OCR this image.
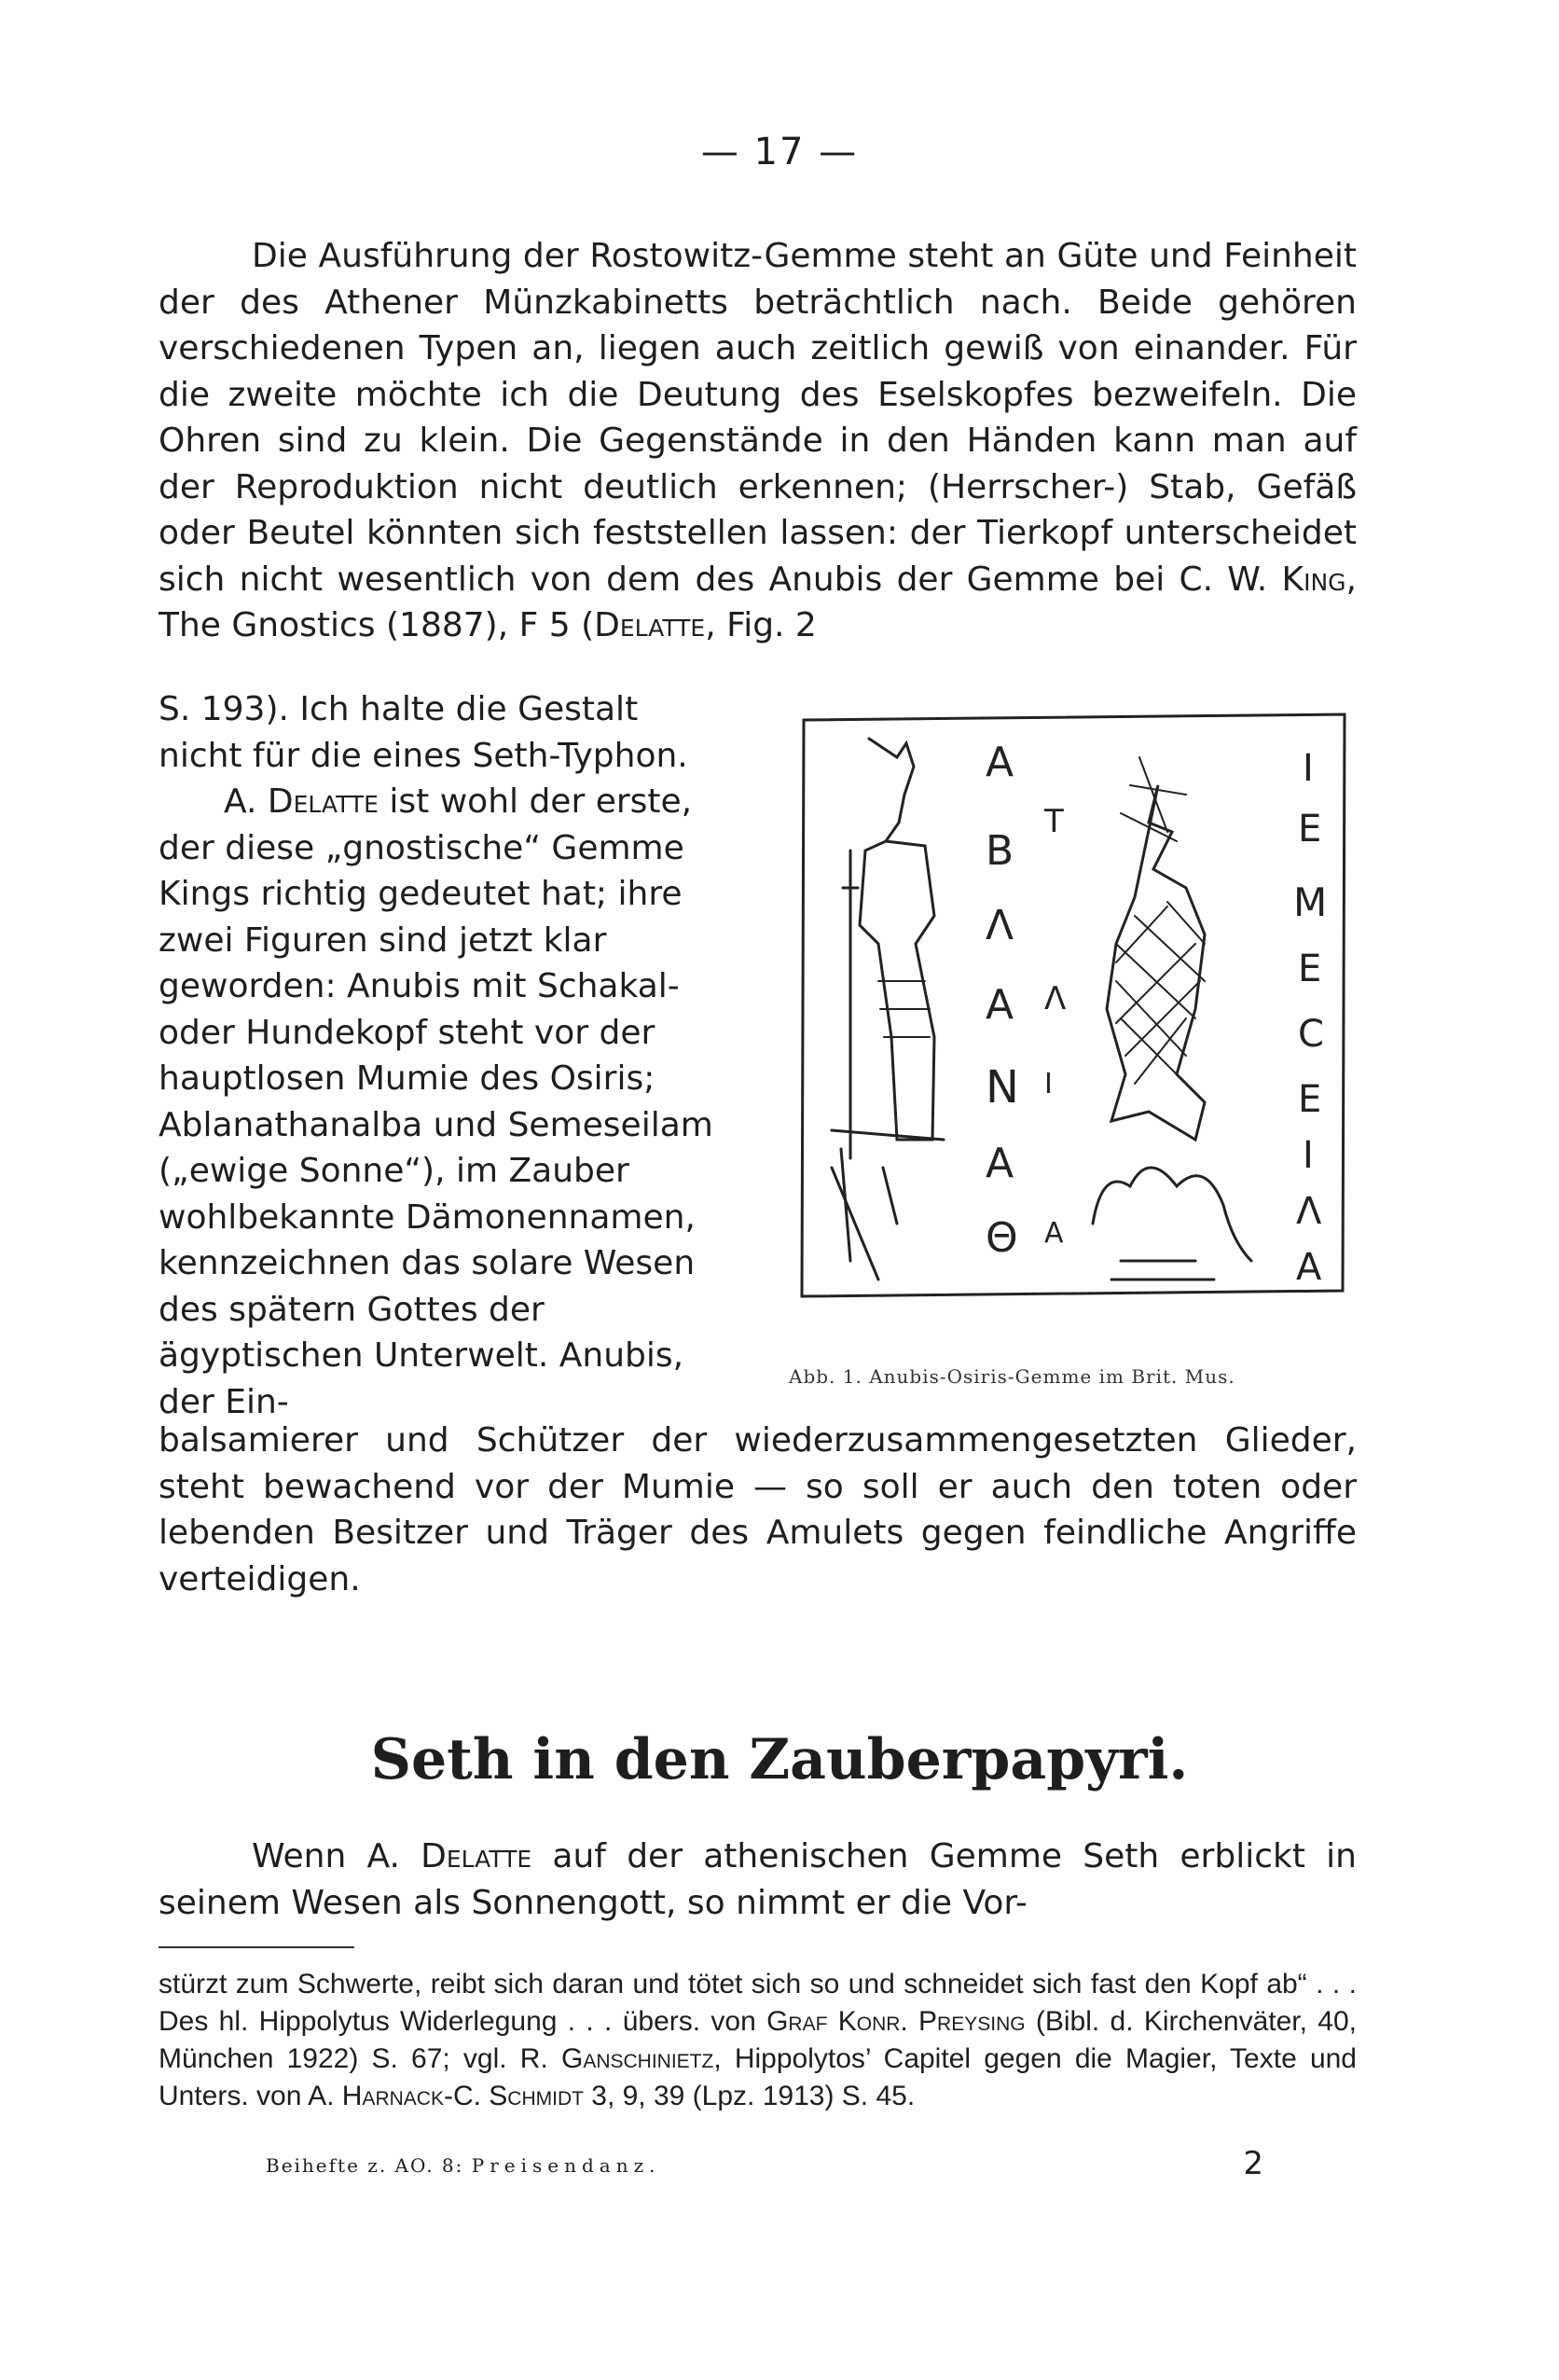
— 17 —

Die Ausführung der Rostowitz-Gemme steht an Güte und Feinheit der des Athener Münzkabinetts beträchtlich nach. Beide gehören verschiedenen Typen an, liegen auch zeitlich gewiß von einander. Für die zweite möchte ich die Deutung des Eselskopfes bezweifeln. Die Ohren sind zu klein. Die Gegenstände in den Händen kann man auf der Reproduktion nicht deutlich erkennen; (Herrscher-) Stab, Gefäß oder Beutel könnten sich feststellen lassen: der Tierkopf unterscheidet sich nicht wesentlich von dem des Anubis der Gemme bei C. W. King, The Gnostics (1887), F 5 (Delatte, Fig. 2

S. 193). Ich halte die Gestalt nicht für die eines Seth-Typhon.
A. Delatte ist wohl der erste, der diese „gnostische“ Gemme Kings richtig gedeutet hat; ihre zwei Figuren sind jetzt klar geworden: Anubis mit Schakal- oder Hundekopf steht vor der hauptlosen Mumie des Osiris; Ablanathanalba und Semeseilam („ewige Sonne“), im Zauber wohlbekannte Dämonennamen, kennzeichnen das solare Wesen des spätern Gottes der ägyptischen Unterwelt. Anubis, der Ein-

A
B
Λ
A
N
A
Θ
T
Λ
I
A
I
E
M
E
C
E
I
Λ
A
Abb. 1. Anubis-Osiris-Gemme im Brit. Mus.

balsamierer und Schützer der wiederzusammengesetzten Glieder, steht bewachend vor der Mumie — so soll er auch den toten oder lebenden Besitzer und Träger des Amulets gegen feindliche Angriffe verteidigen.

Seth in den Zauberpapyri.

Wenn A. Delatte auf der athenischen Gemme Seth erblickt in seinem Wesen als Sonnengott, so nimmt er die Vor-

stürzt zum Schwerte, reibt sich daran und tötet sich so und schneidet sich fast den Kopf ab“ . . . Des hl. Hippolytus Widerlegung . . . übers. von Graf Konr. Preysing (Bibl. d. Kirchenväter, 40, München 1922) S. 67; vgl. R. Ganschinietz, Hippolytos’ Capitel gegen die Magier, Texte und Unters. von A. Harnack-C. Schmidt 3, 9, 39 (Lpz. 1913) S. 45.

Beihefte z. AO. 8: Preisendanz.	2
